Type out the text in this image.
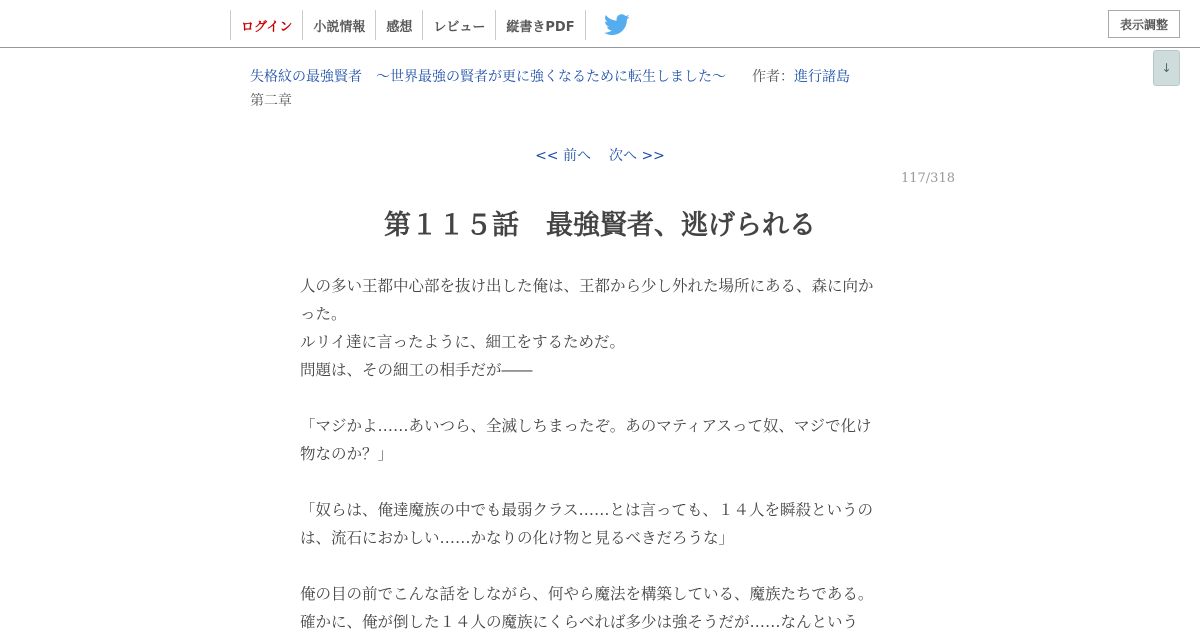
ログイン	小説情報	感想	レビュー	縦書きPDF	表示調整
↓
失格紋の最強賢者　～世界最強の賢者が更に強くなるために転生しました～ 作者：進行諸島
第二章
<< 前へ 次へ >>
117/318
第１１５話　最強賢者、逃げられる

人の多い王都中心部を抜け出した俺は、王都から少し外れた場所にある、森に向か

った。

ルリイ達に言ったように、細工をするためだ。

問題は、その細工の相手だが――

「マジかよ……あいつら、全滅しちまったぞ。あのマティアスって奴、マジで化け

物なのか？」

「奴らは、俺達魔族の中でも最弱クラス……とは言っても、１４人を瞬殺というの

は、流石におかしい……かなりの化け物と見るべきだろうな」

俺の目の前でこんな話をしながら、何やら魔法を構築している、魔族たちである。

確かに、俺が倒した１４人の魔族にくらべれば多少は強そうだが……なんという
